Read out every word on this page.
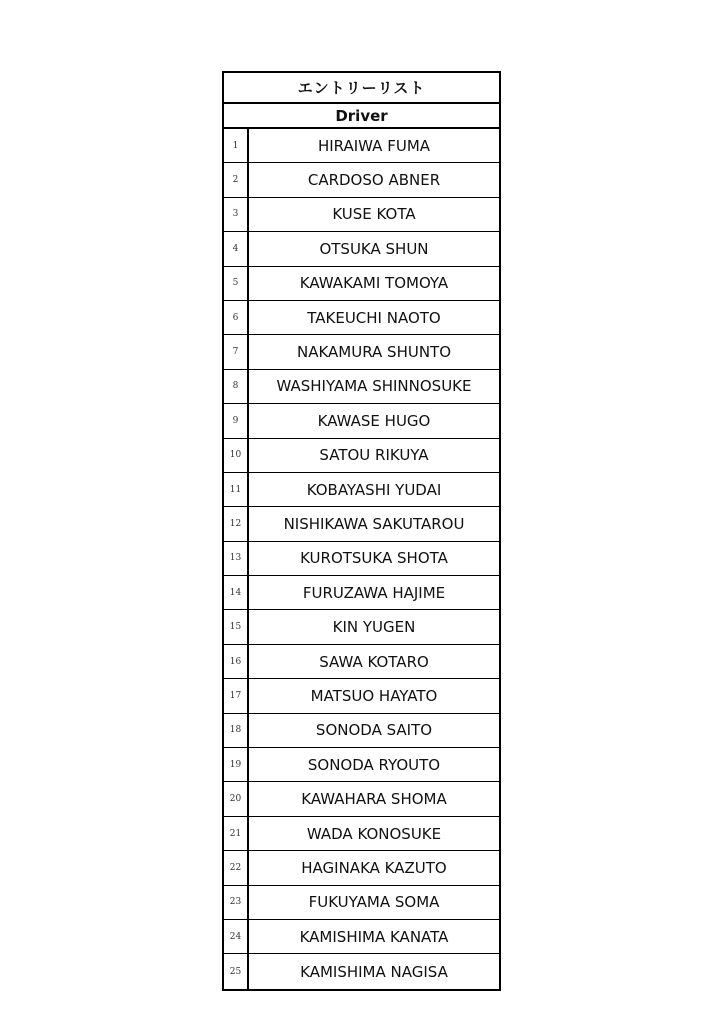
エントリーリスト
Driver
1	HIRAIWA FUMA
2	CARDOSO ABNER
3	KUSE KOTA
4	OTSUKA SHUN
5	KAWAKAMI TOMOYA
6	TAKEUCHI NAOTO
7	NAKAMURA SHUNTO
8	WASHIYAMA SHINNOSUKE
9	KAWASE HUGO
10	SATOU RIKUYA
11	KOBAYASHI YUDAI
12	NISHIKAWA SAKUTAROU
13	KUROTSUKA SHOTA
14	FURUZAWA HAJIME
15	KIN YUGEN
16	SAWA KOTARO
17	MATSUO HAYATO
18	SONODA SAITO
19	SONODA RYOUTO
20	KAWAHARA SHOMA
21	WADA KONOSUKE
22	HAGINAKA KAZUTO
23	FUKUYAMA SOMA
24	KAMISHIMA KANATA
25	KAMISHIMA NAGISA
